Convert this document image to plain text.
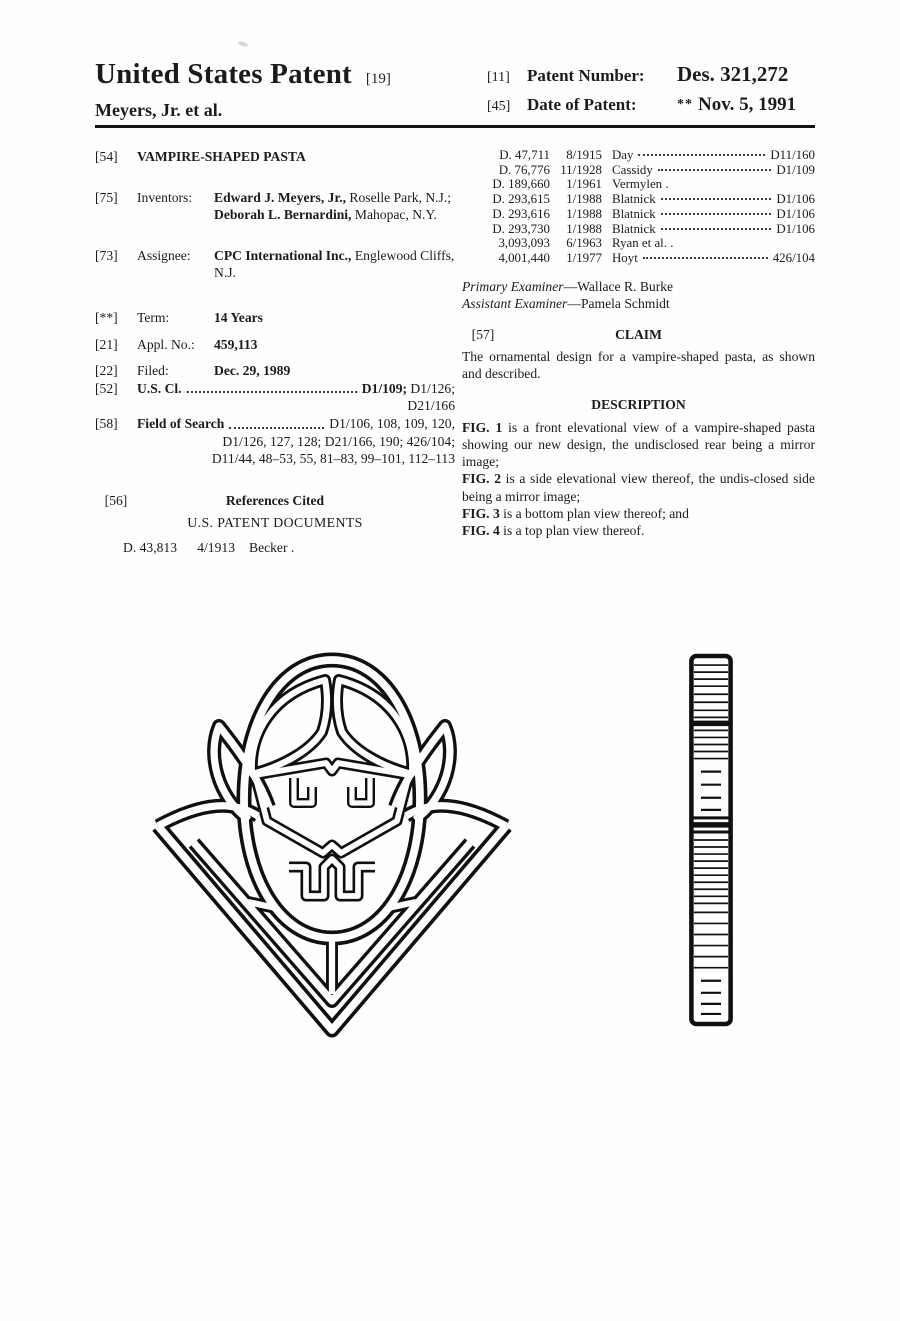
United States Patent [19]
Meyers, Jr. et al.
[11]	Patent Number:	Des. 321,272
[45] Date of Patent:	** Nov. 5, 1991
[54]	VAMPIRE-SHAPED PASTA
[75]	Inventors:	Edward J. Meyers, Jr., Roselle Park, N.J.; Deborah L. Bernardini, Mahopac, N.Y.
[73]	Assignee:	CPC International Inc., Englewood Cliffs, N.J.
[**]	Term:	14 Years
[21]	Appl. No.:	459,113
[22]	Filed:	Dec. 29, 1989
[52]	U.S. Cl.	D1/109; D1/126;
D21/166
[58]	Field of Search	D1/106, 108, 109, 120,
D1/126, 127, 128; D21/166, 190; 426/104;
D11/44, 48–53, 55, 81–83, 99–101, 112–113
[56]	References Cited
U.S. PATENT DOCUMENTS
D. 43,813	4/1913 Becker .
D. 47,711	8/1915 Day	D11/160
D. 76,776 11/1928 Cassidy	D1/109
D. 189,660	1/1961 Vermylen .
D. 293,615	1/1988 Blatnick	D1/106
D. 293,616	1/1988 Blatnick	D1/106
D. 293,730	1/1988 Blatnick	D1/106
3,093,093	6/1963 Ryan et al. .
4,001,440	1/1977 Hoyt	426/104
Primary Examiner—Wallace R. Burke
Assistant Examiner—Pamela Schmidt
[57]	CLAIM

The ornamental design for a vampire-shaped pasta, as shown and described.

DESCRIPTION

FIG. 1 is a front elevational view of a vampire-shaped pasta showing our new design, the undisclosed rear being a mirror image;

FIG. 2 is a side elevational view thereof, the undis-closed side being a mirror image;

FIG. 3 is a bottom plan view thereof; and

FIG. 4 is a top plan view thereof.
